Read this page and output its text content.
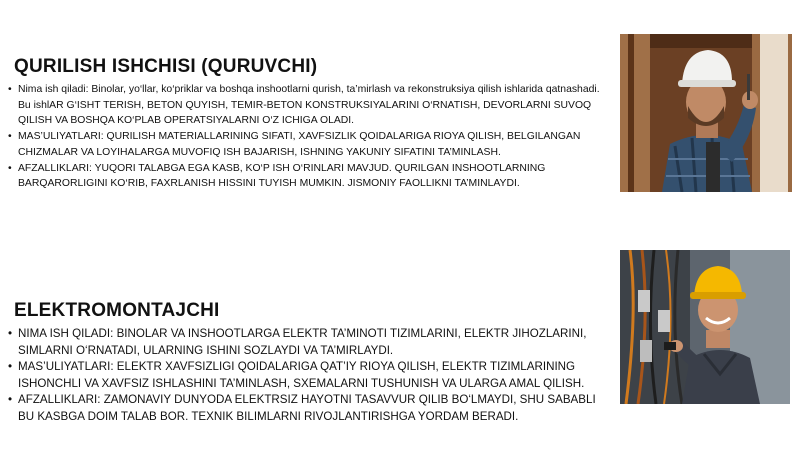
QURILISH ISHCHISI (QURUVCHI)
• Nima ish qiladi: Binolar, yo‘llar, ko‘priklar va boshqa inshootlarni qurish, ta’mirlash va rekonstruksiya qilish ishlarida qatnashadi. Bu ishlAR G‘ISHT TERISH, BETON QUYISH, TEMIR-BETON KONSTRUKSIYALARINI O‘RNATISH, DEVORLARNI SUVOQ QILISH VA BOSHQA KO‘PLAB OPERATSIYALARNI O‘Z ICHIGA OLADI.
• MAS’ULIYATLARI: QURILISH MATERIALLARINING SIFATI, XAVFSIZLIK QOIDALARIGA RIOYA QILISH, BELGILANGAN CHIZMALAR VA LOYIHALARGA MUVOFIQ ISH BAJARISH, ISHNING YAKUNIY SIFATINI TA’MINLASH.
• AFZALLIKLARI: YUQORI TALABGA EGA KASB, KO‘P ISH O‘RINLARI MAVJUD. QURILGAN INSHOOTLARNING BARQARORLIGINI KO‘RIB, FAXRLANISH HISSINI TUYISH MUMKIN. JISMONIY FAOLLIKNI TA’MINLAYDI.
ELEKTROMONTAJCHI
• NIMA ISH QILADI: BINOLAR VA INSHOOTLARGA ELEKTR TA’MINOTI TIZIMLARINI, ELEKTR JIHOZLARINI, SIMLARNI O‘RNATADI, ULARNING ISHINI SOZLAYDI VA TA’MIRLAYDI.
• MAS’ULIYATLARI: ELEKTR XAVFSIZLIGI QOIDALARIGA QAT’IY RIOYA QILISH, ELEKTR TIZIMLARINING ISHONCHLI VA XAVFSIZ ISHLASHINI TA’MINLASH, SXEMALARNI TUSHUNISH VA ULARGA AMAL QILISH.
• AFZALLIKLARI: ZAMONAVIY DUNYODA ELEKTRSIZ HAYOTNI TASAVVUR QILIB BO‘LMAYDI, SHU SABABLI BU KASBGA DOIM TALAB BOR. TEXNIK BILIMLARNI RIVOJLANTIRISHGA YORDAM BERADI.
